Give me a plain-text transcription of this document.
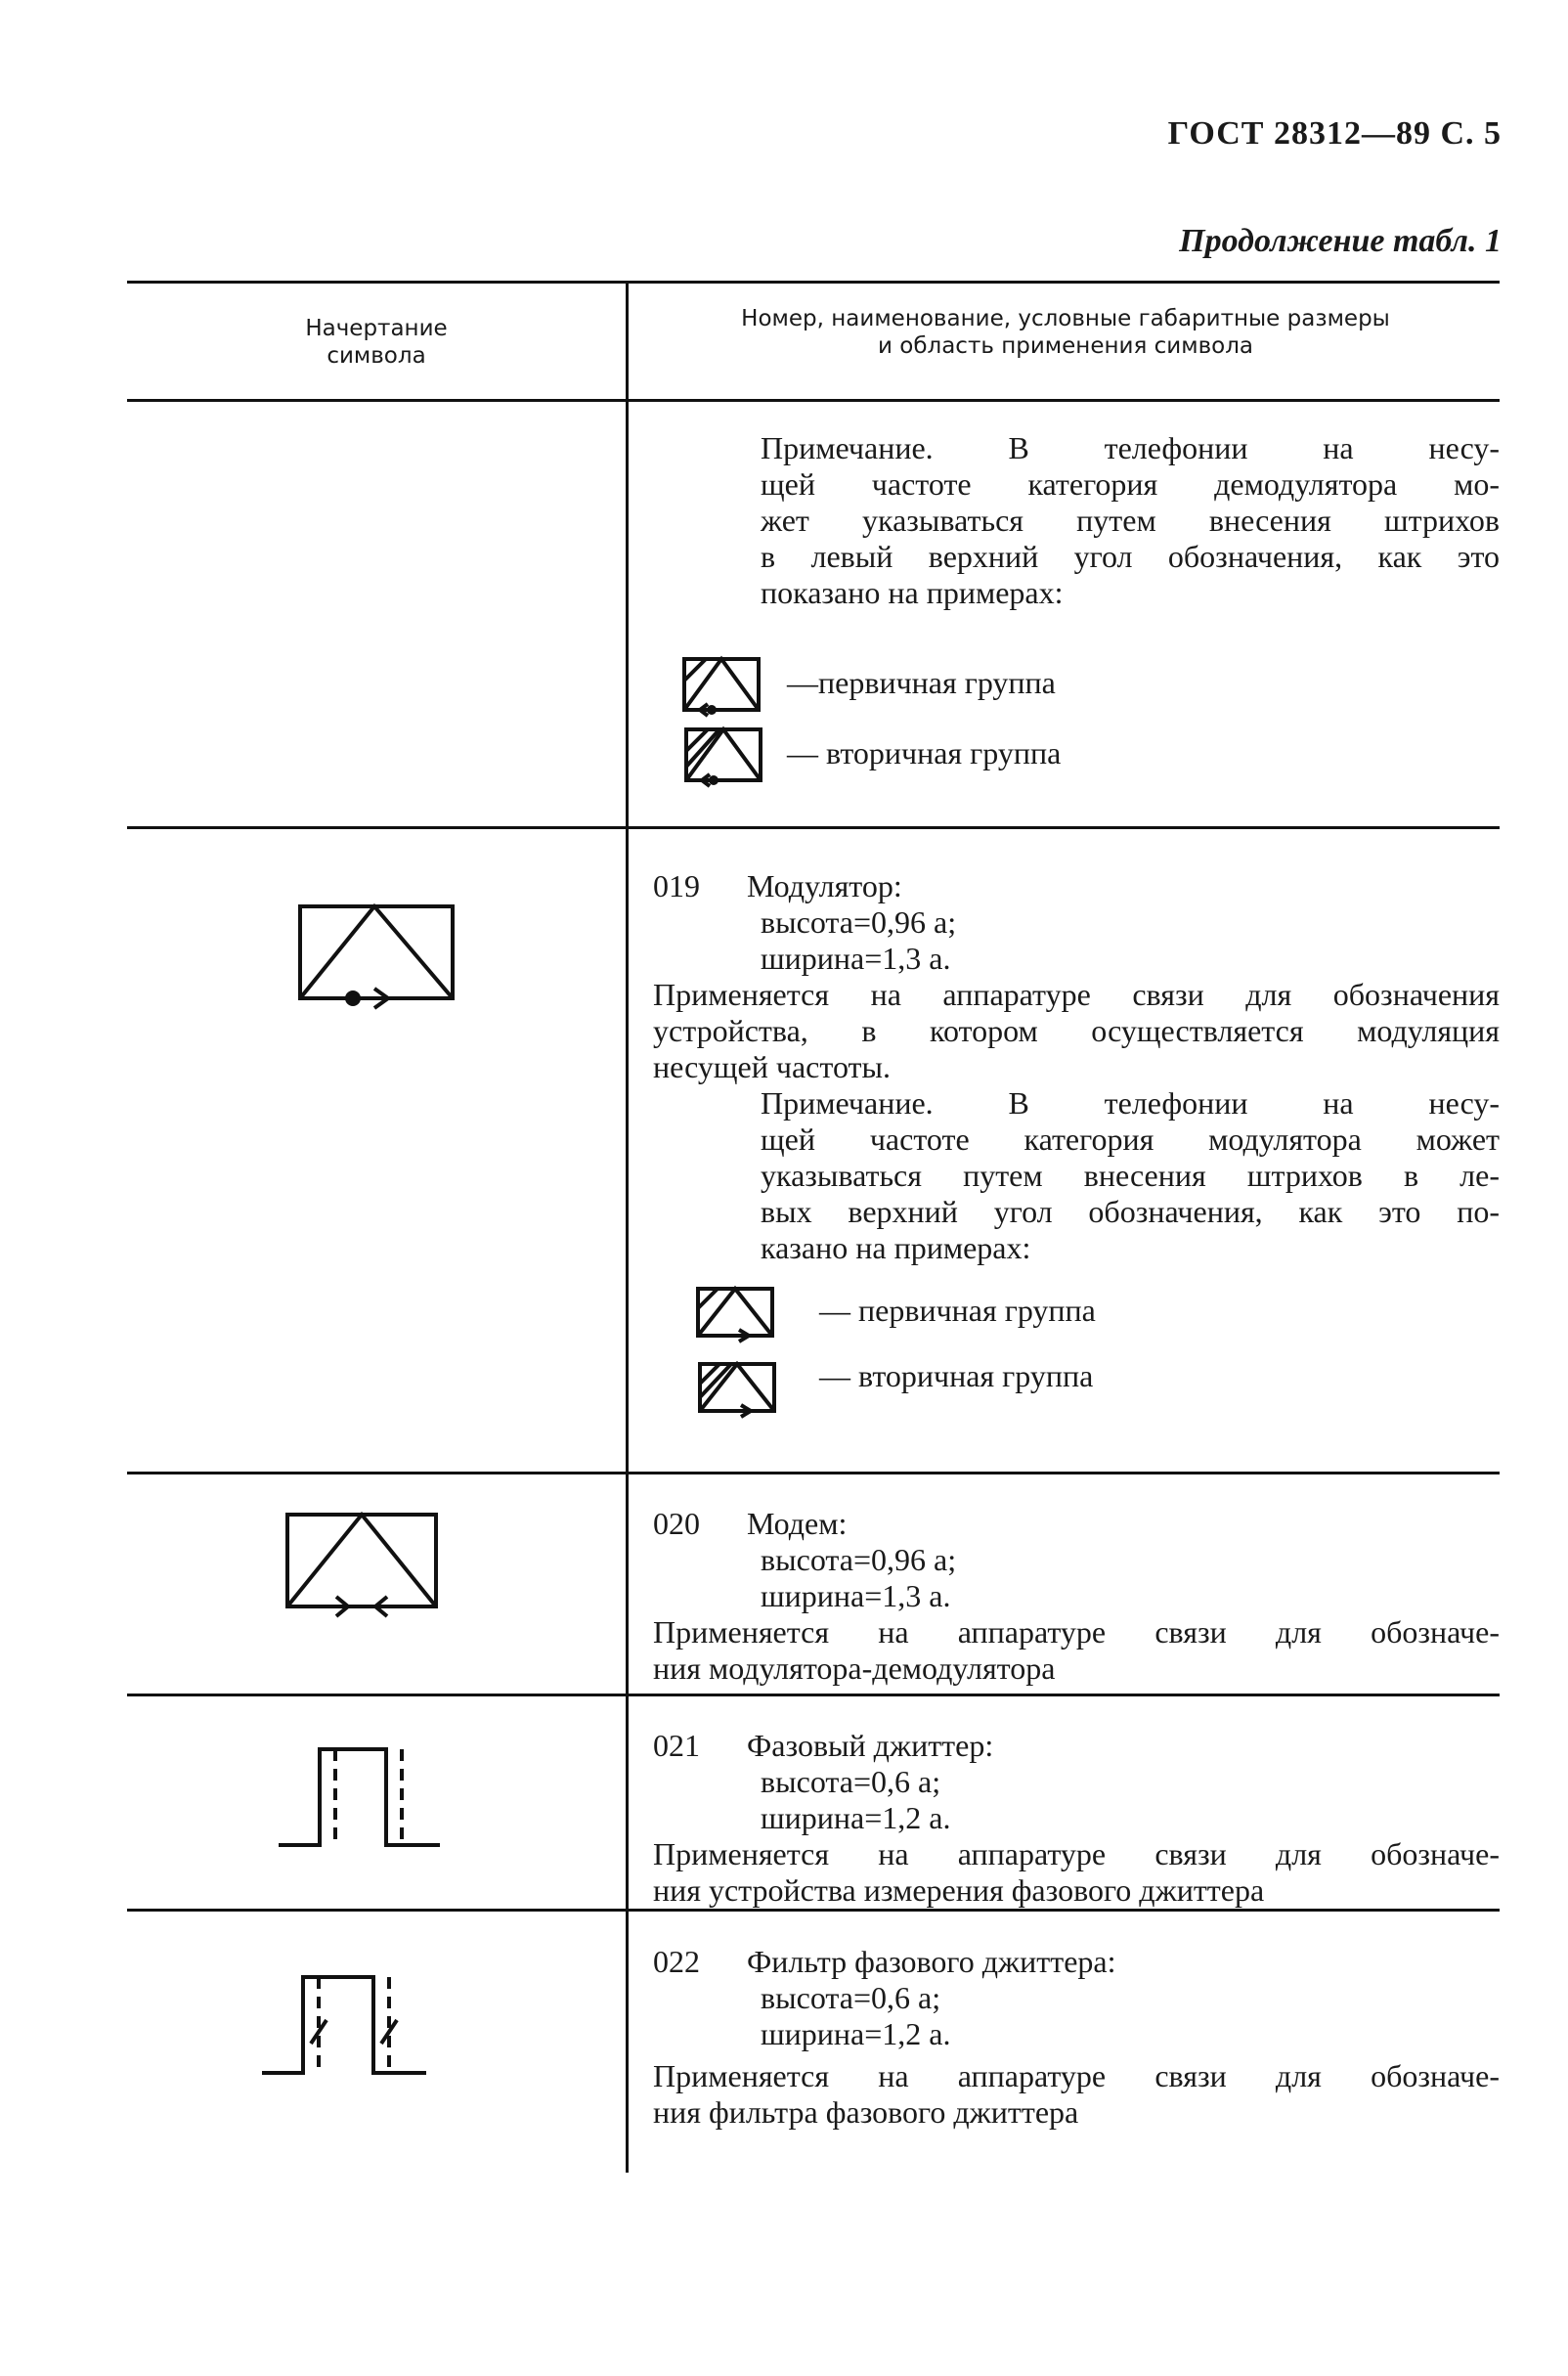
ГОСТ 28312—89 С. 5
Продолжение табл. 1
Начертание
символа
Номер, наименование, условные габаритные размеры
и область применения символа
Примечание. В телефонии на несу-
щей частоте категория демодулятора мо-
жет указываться путем внесения штрихов
в левый верхний угол обозначения, как это
показано на примерах:
—первичная группа
— вторичная группа
019 Модулятор:
высота=0,96 a;
ширина=1,3 a.
Применяется на аппаратуре связи для обозначения
устройства, в котором осуществляется модуляция
несущей частоты.
Примечание. В телефонии на несу-
щей частоте категория модулятора может
указываться путем внесения штрихов в ле-
вых верхний угол обозначения, как это по-
казано на примерах:
— первичная группа
— вторичная группа
020 Модем:
высота=0,96 a;
ширина=1,3 a.
Применяется на аппаратуре связи для обозначе-
ния модулятора-демодулятора
021 Фазовый джиттер:
высота=0,6 a;
ширина=1,2 a.
Применяется на аппаратуре связи для обозначе-
ния устройства измерения фазового джиттера
022 Фильтр фазового джиттера:
высота=0,6 a;
ширина=1,2 a.
Применяется на аппаратуре связи для обозначе-
ния фильтра фазового джиттера
